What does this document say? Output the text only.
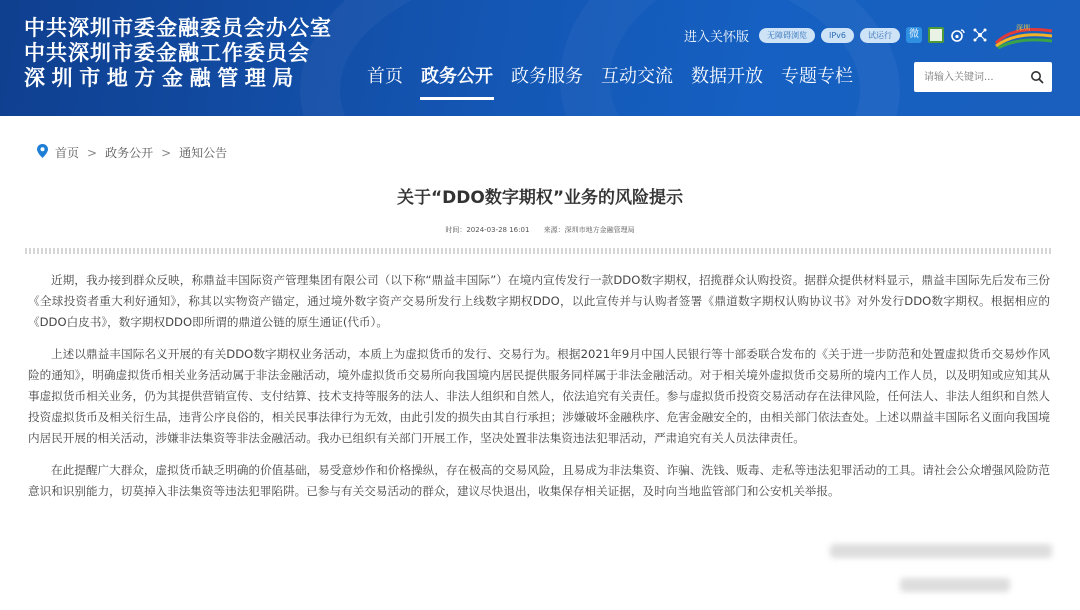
中共深圳市委金融委员会办公室
中共深圳市委金融工作委员会
深圳市地方金融管理局
进入关怀版	无障碍浏览	IPv6	试运行	微
深圳
首页	政务公开	政务服务	互动交流	数据开放	专题专栏
请输入关键词...
首页 > 政务公开 > 通知公告
关于“DDO数字期权”业务的风险提示
时间：2024-03-28 16:01 来源：深圳市地方金融管理局

近期，我办接到群众反映，称鼎益丰国际资产管理集团有限公司（以下称“鼎益丰国际”）在境内宣传发行一款DDO数字期权，招揽群众认购投资。据群众提供材料显示，鼎益丰国际先后发布三份《全球投资者重大利好通知》，称其以实物资产锚定，通过境外数字资产交易所发行上线数字期权DDO，以此宣传并与认购者签署《鼎道数字期权认购协议书》对外发行DDO数字期权。根据相应的《DDO白皮书》，数字期权DDO即所谓的鼎道公链的原生通证(代币）。

上述以鼎益丰国际名义开展的有关DDO数字期权业务活动，本质上为虚拟货币的发行、交易行为。根据2021年9月中国人民银行等十部委联合发布的《关于进一步防范和处置虚拟货币交易炒作风险的通知》，明确虚拟货币相关业务活动属于非法金融活动，境外虚拟货币交易所向我国境内居民提供服务同样属于非法金融活动。对于相关境外虚拟货币交易所的境内工作人员，以及明知或应知其从事虚拟货币相关业务，仍为其提供营销宣传、支付结算、技术支持等服务的法人、非法人组织和自然人，依法追究有关责任。参与虚拟货币投资交易活动存在法律风险，任何法人、非法人组织和自然人投资虚拟货币及相关衍生品，违背公序良俗的，相关民事法律行为无效，由此引发的损失由其自行承担；涉嫌破坏金融秩序、危害金融安全的，由相关部门依法查处。上述以鼎益丰国际名义面向我国境内居民开展的相关活动，涉嫌非法集资等非法金融活动。我办已组织有关部门开展工作，坚决处置非法集资违法犯罪活动，严肃追究有关人员法律责任。

在此提醒广大群众，虚拟货币缺乏明确的价值基础，易受意炒作和价格操纵，存在极高的交易风险，且易成为非法集资、诈骗、洗钱、贩毒、走私等违法犯罪活动的工具。请社会公众增强风险防范意识和识别能力，切莫掉入非法集资等违法犯罪陷阱。已参与有关交易活动的群众，建议尽快退出，收集保存相关证据，及时向当地监管部门和公安机关举报。
